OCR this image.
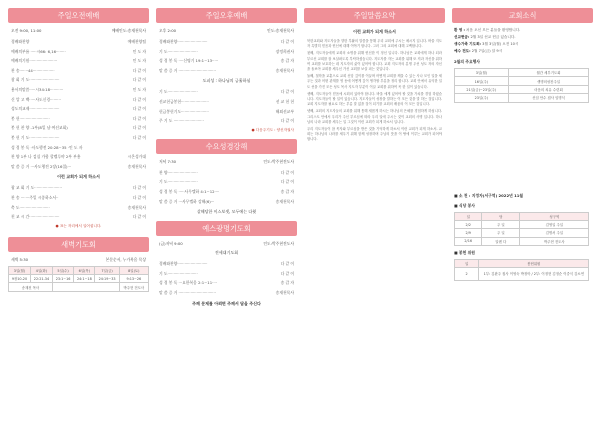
주일오전예배
오전 9:00, 11:00	예배인도:송재천목사
경배와찬양	예배찬양팀
예배의부름 ·····시66: 6,16········	인 도 자
예배의기원·······················	인 도 자
찬 송·······44··················	다 같 이
참 회 기 도·························	다 같 이
용서의말씀·····시34:18···········	인 도 자
신 앙 고 백·····사도신경·········	다 같 이
성도의교제·························	다 같 이
봉 헌·························	다 같 이
봉 헌 찬 양 -1부(8일 남·여선교회)	다 같 이
봉 헌 기 도·························	다 같 이
성 경 봉 독 ·사도행전 20:28~35 ·인 도 자
찬 양 1부 나 검십 가합 할렐루야 2부 부흥	시온성가대
말 씀 증 거 ···사도행전 2장(16절)···	송재천목사
이런 교회가 되게 하소서
광 교 회 기 도·······················	다 같 이
찬 송 ·······주일 시종하소서··	다 같 이
축 도·························	송재천목사
친 교 시 간·························	다 같 이
● 표는 자리에서 일어섭니다.
새벽기도회
새벽 5:30	본문순서, 누가복음 묵상
3일(월)	4일(화)	5일(수)	6일(목)	7일(금)	8일(토)
9장10-20	22:21-34	23:1~16	24:1~18	24:19~33	9:13~26
송재천 목사					박주현 전도사
주일오후예배
오후 2:00	인도:송재천목사
경배와찬양·························	다 같 이
기 도·························	장정희권사
성 경 봉 독 ····신명기 19:1~13·····	송 갑 자
말 씀 증 거 ·······························	송재천목사
도피성 : 하나님의 긍휼하심
기 도·························	다 같 이
선교헌금봉헌·······················	선 교 헌 헌
헌금봉헌기도·······················	해외선교부
주 기 도 ·························	다 같 이
● 다음주기도 : 양신자권사
수요성경강해
저녁 7:30	인도:박주현전도사
찬 양·························	다 같 이
기 도·························	다 같 이
성 경 봉 독 ·····사무엘하 4:1~12····	송 갑 자
말 씀 증 거 ···사무엘하 강해(6)···	송재천목사
살해당한 이스보셋, 모두에는 다윗
예스광명기도회
(금)저녁 9:00	인도:박주현전도사
전세대기도회
경배와찬양·························	다 같 이
기 도·························	다 같 이
성 경 봉 독 ···요한복음 2:1~11····	송 갑 자
말 씀 증 거 ·······························	송재천목사
주께 문제를 아뢰면 주께서 답을 주신다
주일말씀요약
이런 교회가 되게 하소서
북한교회와 지도자들을 향한 부활의 말씀을 통해 우리 교회에 주시는 메시지 입니다. 바울 지도자 특별히 믿음과 헌신에 대해 이야기 합니다. 그러 그의 교회에 대해 고백합니다.
첫째, 지도자들에게 교회의 소명을 위해 헌신한 이 정신 입니다. 하나님은 교회에게 하나 되라 부르신 교회를 잘 보살펴도록 부탁하셨습니다. 지도자를 자는 교회를 위해 또 직과 자신을 위하여 교회를 보호하는 데 지도자의 삶이 있어야 합니다. 교회 지도자의 분명 우선 성도 자의 자신을 돌보아 교회를 세우신 가신 교회를 보살 피는 것입니다.
둘째, 철학을 교훈으로 교회 신앙 깊이를 이끌며 어떻게 교회를 깨울 수 있는 사나 모인 일을 세우는 것과 어떤 관계를 영 동에 어떻게 깊이 생각할 부분을 정리 합니다. 교회 안에서 유익한 일도 선을 가진 모든 성도 목사 지도자 부분이 이끌 교회를 위하여 꼭 한 일이 있습니다.
셋째, 지도자들이 믿음에 시회의 있어야 합니다. 바울 에게 있어야 할 것을 가치를 경험 하였습니다. 지도자들이 할 일이 있습니다. 지도자들이 성장을 말하는 이 모든 것을 말 하는 것입니다. 교회 지도자를 필요로 하는 부름 말 없을 것이 되기를 교회의 배움의 이 모든 것입니다.
넷째, 교회의 지도자들의 교회를 위해 통해 새롭게 하시는 하나님의 은혜를 경험하게 하십니다. 그리스도 안에서 우리가 주신 부르심에 따라 우리 일에 주시는 것이 교회의 사명 입니다. 하나님의 나라 교회를 세우는 일 그것이 이런 교회가 되게 하소서 입니다.
우리 지도자들이 참 목자와 부르심을 받은 것을 기억하게 하소서 이런 교회가 되게 하소서. 교회는 하나님의 나라를 세우기 위해 함께 성장하며 주님의 뜻을 이 땅에 이루는 교회가 되어야 합니다.
교회소식
환 영 : 처음 오신 모든 분들을 환영합니다.
선교헌금: 2월 3일 선교 헌금 있습니다.
생수가족 기도회: 3월 3일(월) 오전 10시
예수 전도: 2월 7일(금) 알 9시
2월의 주요행사
3일(월)	월간 세부기도회
16일(주)	생명의성찬주일
21일(금)~23일(주)	마음의 치유 수련회
23일(주)	신임 안수 집사 임명식
■ 소 천 : 지정자(서구역) 2022년 11월
■ 식당 봉사
일	당	성구역
2/2	주 일	김영일 주일
2/9	주 일	김명서 주일
2/16	알렌 다	박주현 전도사
■ 봉헌 위원
일	봉헌위원
2	1부: 김완주 집사 이영숙 박정아 / 2부: 이정현 김정순 이중식 김소연
